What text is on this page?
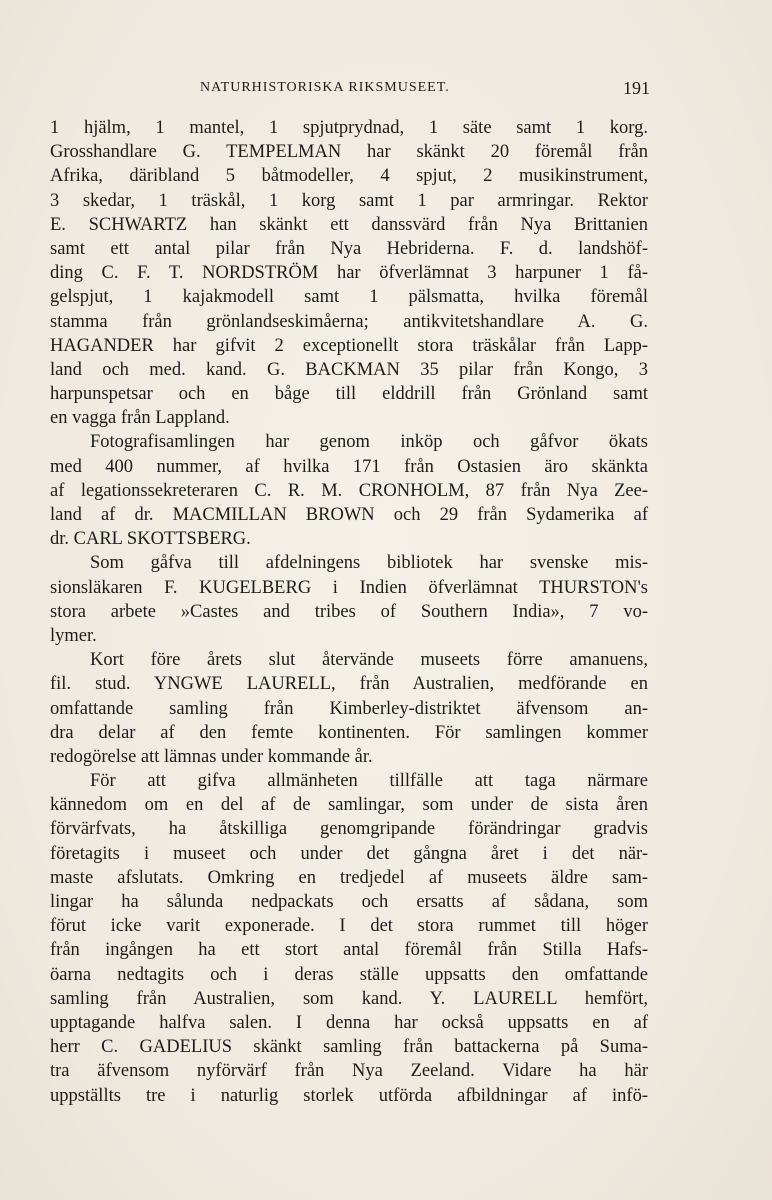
NATURHISTORISKA RIKSMUSEET.	191
1 hjälm, 1 mantel, 1 spjutprydnad, 1 säte samt 1 korg.
Grosshandlare G. TEMPELMAN har skänkt 20 föremål från
Afrika, däribland 5 båtmodeller, 4 spjut, 2 musikinstrument,
3 skedar, 1 träskål, 1 korg samt 1 par armringar. Rektor
E. SCHWARTZ han skänkt ett danssvärd från Nya Brittanien
samt ett antal pilar från Nya Hebriderna. F. d. landshöf-
ding C. F. T. NORDSTRÖM har öfverlämnat 3 harpuner 1 få-
gelspjut, 1 kajakmodell samt 1 pälsmatta, hvilka föremål
stamma från grönlandseskimåerna; antikvitetshandlare A. G.
HAGANDER har gifvit 2 exceptionellt stora träskålar från Lapp-
land och med. kand. G. BACKMAN 35 pilar från Kongo, 3
harpunspetsar och en båge till elddrill från Grönland samt
en vagga från Lappland.
Fotografisamlingen har genom inköp och gåfvor ökats
med 400 nummer, af hvilka 171 från Ostasien äro skänkta
af legationssekreteraren C. R. M. CRONHOLM, 87 från Nya Zee-
land af dr. MACMILLAN BROWN och 29 från Sydamerika af
dr. CARL SKOTTSBERG.
Som gåfva till afdelningens bibliotek har svenske mis-
sionsläkaren F. KUGELBERG i Indien öfverlämnat THURSTON's
stora arbete »Castes and tribes of Southern India», 7 vo-
lymer.
Kort före årets slut återvände museets förre amanuens,
fil. stud. YNGWE LAURELL, från Australien, medförande en
omfattande samling från Kimberley-distriktet äfvensom an-
dra delar af den femte kontinenten. För samlingen kommer
redogörelse att lämnas under kommande år.
För att gifva allmänheten tillfälle att taga närmare
kännedom om en del af de samlingar, som under de sista åren
förvärfvats, ha åtskilliga genomgripande förändringar gradvis
företagits i museet och under det gångna året i det när-
maste afslutats. Omkring en tredjedel af museets äldre sam-
lingar ha sålunda nedpackats och ersatts af sådana, som
förut icke varit exponerade. I det stora rummet till höger
från ingången ha ett stort antal föremål från Stilla Hafs-
öarna nedtagits och i deras ställe uppsatts den omfattande
samling från Australien, som kand. Y. LAURELL hemfört,
upptagande halfva salen. I denna har också uppsatts en af
herr C. GADELIUS skänkt samling från battackerna på Suma-
tra äfvensom nyförvärf från Nya Zeeland. Vidare ha här
uppställts tre i naturlig storlek utförda afbildningar af infö-
